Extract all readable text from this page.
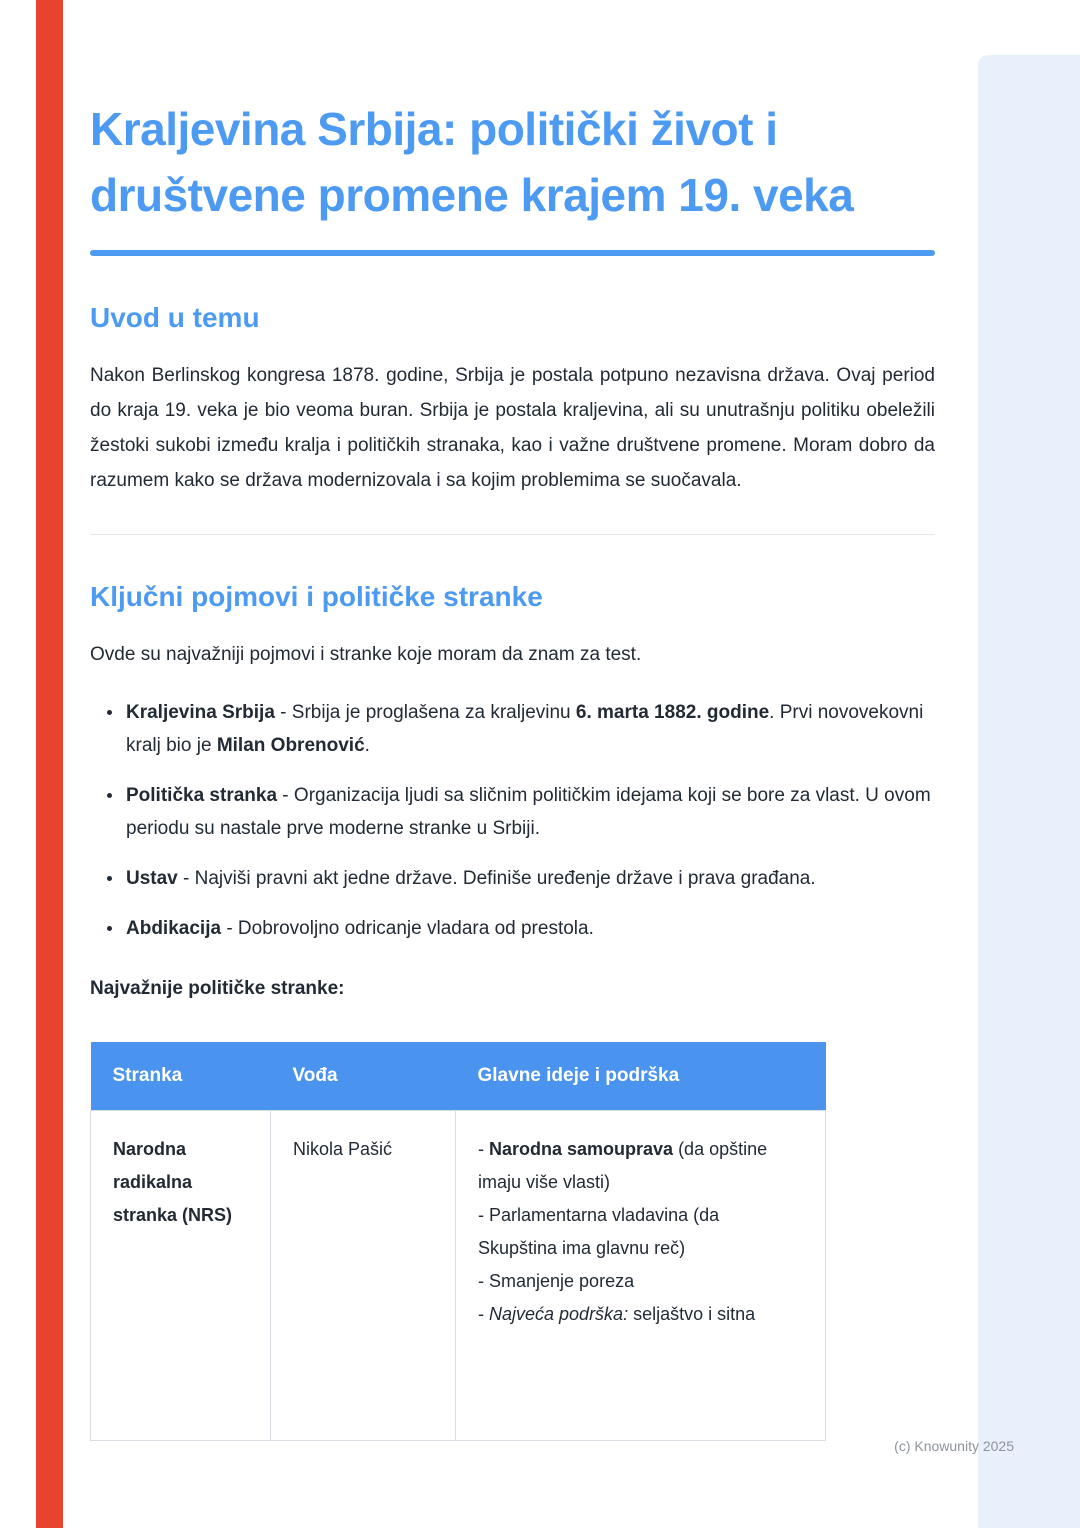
Kraljevina Srbija: politički život i društvene promene krajem 19. veka
Uvod u temu

Nakon Berlinskog kongresa 1878. godine, Srbija je postala potpuno nezavisna država. Ovaj period do kraja 19. veka je bio veoma buran. Srbija je postala kraljevina, ali su unutrašnju politiku obeležili žestoki sukobi između kralja i političkih stranaka, kao i važne društvene promene. Moram dobro da razumem kako se država modernizovala i sa kojim problemima se suočavala.

Ključni pojmovi i političke stranke

Ovde su najvažniji pojmovi i stranke koje moram da znam za test.

• Kraljevina Srbija - Srbija je proglašena za kraljevinu 6. marta 1882. godine. Prvi novovekovni kralj bio je Milan Obrenović.
• Politička stranka - Organizacija ljudi sa sličnim političkim idejama koji se bore za vlast. U ovom periodu su nastale prve moderne stranke u Srbiji.
• Ustav - Najviši pravni akt jedne države. Definiše uređenje države i prava građana.
• Abdikacija - Dobrovoljno odricanje vladara od prestola.

Najvažnije političke stranke:

Stranka	Vođa	Glavne ideje i podrška
Narodna radikalna stranka (NRS)	Nikola Pašić	- Narodna samouprava (da opštine imaju više vlasti)
- Parlamentarna vladavina (da Skupština ima glavnu reč)
- Smanjenje poreza
- Najveća podrška: seljaštvo i sitna
(c) Knowunity 2025
